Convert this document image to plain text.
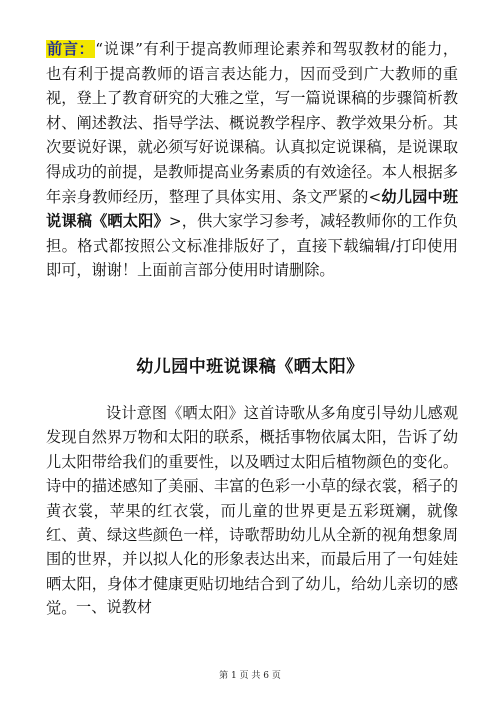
前言：“说课”有利于提高教师理论素养和驾驭教材的能力，也有利于提高教师的语言表达能力，因而受到广大教师的重视，登上了教育研究的大雅之堂，写一篇说课稿的步骤简析教材、阐述教法、指导学法、概说教学程序、教学效果分析。其次要说好课，就必须写好说课稿。认真拟定说课稿，是说课取得成功的前提，是教师提高业务素质的有效途径。本人根据多年亲身教师经历，整理了具体实用、条文严紧的<幼儿园中班说课稿《晒太阳》>，供大家学习参考，减轻教师你的工作负担。格式都按照公文标准排版好了，直接下载编辑/打印使用即可，谢谢！上面前言部分使用时请删除。

幼儿园中班说课稿《晒太阳》

设计意图《晒太阳》这首诗歌从多角度引导幼儿感观发现自然界万物和太阳的联系，概括事物依属太阳，告诉了幼儿太阳带给我们的重要性，以及晒过太阳后植物颜色的变化。诗中的描述感知了美丽、丰富的色彩一小草的绿衣裳，稻子的黄衣裳，苹果的红衣裳，而儿童的世界更是五彩斑斓，就像红、黄、绿这些颜色一样，诗歌帮助幼儿从全新的视角想象周围的世界，并以拟人化的形象表达出来，而最后用了一句娃娃晒太阳，身体才健康更贴切地结合到了幼儿，给幼儿亲切的感觉。 一、说教材

第 1 页 共 6 页
